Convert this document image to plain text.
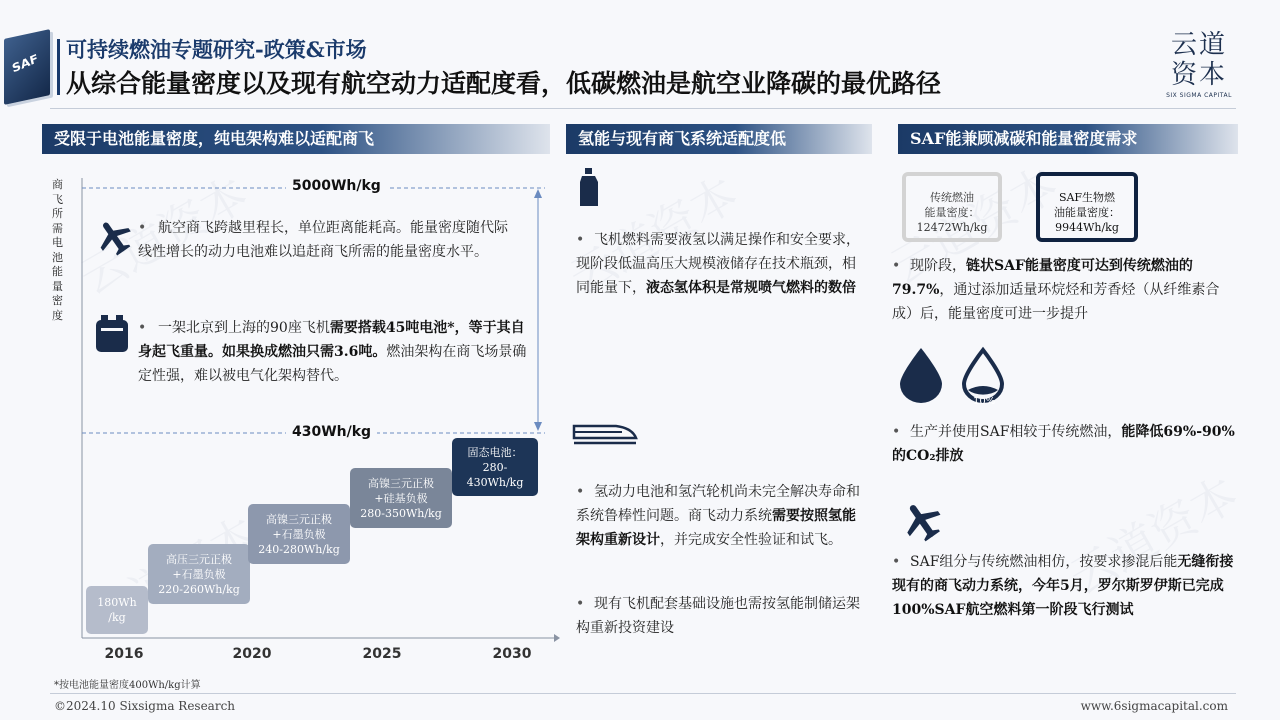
SAF
可持续燃油专题研究-政策&市场
从综合能量密度以及现有航空动力适配度看，低碳燃油是航空业降碳的最优路径
云道
资本
SIX SIGMA CAPITAL
受限于电池能量密度，纯电架构难以适配商飞	氢能与现有商飞系统适配度低	SAF能兼顾减碳和能量密度需求
商飞所需电池能量密度
5000Wh/kg
430Wh/kg
• 航空商飞跨越里程长，单位距离能耗高。能量密度随代际线性增长的动力电池难以追赶商飞所需的能量密度水平。
• 一架北京到上海的90座飞机需要搭载45吨电池*，等于其自身起飞重量。如果换成燃油只需3.6吨。燃油架构在商飞场景确定性强，难以被电气化架构替代。
180Wh
/kg
高压三元正极
+石墨负极
220-260Wh/kg
高镍三元正极
+石墨负极
240-280Wh/kg
高镍三元正极
+硅基负极
280-350Wh/kg
固态电池：
280-
430Wh/kg
2016	2020	2025	2030
*按电池能量密度400Wh/kg计算
• 飞机燃料需要液氢以满足操作和安全要求，现阶段低温高压大规模液储存在技术瓶颈，相同能量下，液态氢体积是常规喷气燃料的数倍
• 氢动力电池和氢汽轮机尚未完全解决寿命和系统鲁棒性问题。商飞动力系统需要按照氢能架构重新设计，并完成安全性验证和试飞。
• 现有飞机配套基础设施也需按氢能制储运架构重新投资建设
传统燃油
能量密度：
12472Wh/kg
SAF生物燃
油能量密度：
9944Wh/kg
• 现阶段，链状SAF能量密度可达到传统燃油的79.7%，通过添加适量环烷烃和芳香烃（从纤维素合成）后，能量密度可进一步提升
10%
• 生产并使用SAF相较于传统燃油，能降低69%-90%的CO₂排放
• SAF组分与传统燃油相仿，按要求掺混后能无缝衔接现有的商飞动力系统，今年5月，罗尔斯罗伊斯已完成100%SAF航空燃料第一阶段飞行测试
©2024.10 Sixsigma Research	www.6sigmacapital.com
